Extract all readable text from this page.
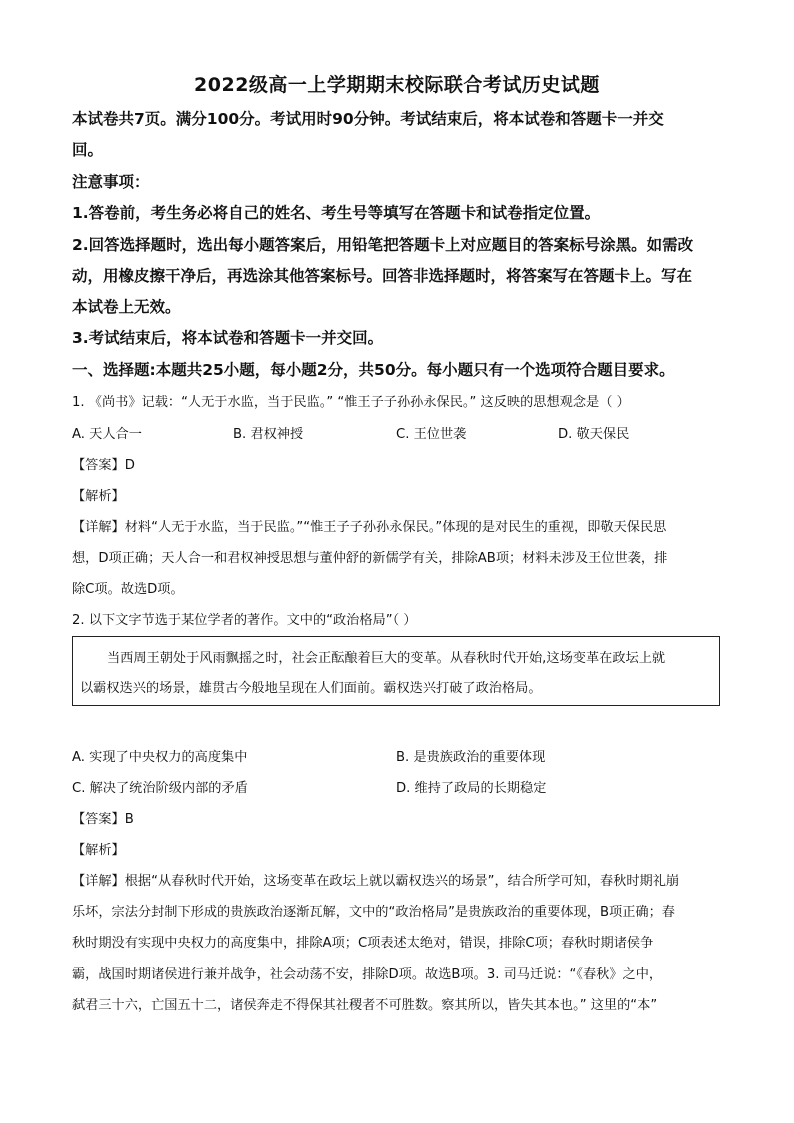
2022级高一上学期期末校际联合考试历史试题
本试卷共7页。满分100分。考试用时90分钟。考试结束后，将本试卷和答题卡一并交
回。
注意事项：
1.答卷前，考生务必将自己的姓名、考生号等填写在答题卡和试卷指定位置。
2.回答选择题时，选出每小题答案后，用铅笔把答题卡上对应题目的答案标号涂黑。如需改
动，用橡皮擦干净后，再选涂其他答案标号。回答非选择题时，将答案写在答题卡上。写在
本试卷上无效。
3.考试结束后，将本试卷和答题卡一并交回。
一、选择题:本题共25小题，每小题2分，共50分。每小题只有一个选项符合题目要求。
1. 《尚书》记载：“人无于水监，当于民监。” “惟王子子孙孙永保民。” 这反映的思想观念是（ ）
A. 天人合一	B. 君权神授	C. 王位世袭	D. 敬天保民
【答案】D
【解析】
【详解】材料“人无于水监，当于民监。”“惟王子子孙孙永保民。”体现的是对民生的重视，即敬天保民思
想，D项正确；天人合一和君权神授思想与董仲舒的新儒学有关，排除AB项；材料未涉及王位世袭，排
除C项。故选D项。
2. 以下文字节选于某位学者的著作。文中的“政治格局”（ ）
当西周王朝处于风雨飘摇之时，社会正酝酿着巨大的变革。从春秋时代开始,这场变革在政坛上就
以霸权迭兴的场景，雄贯古今般地呈现在人们面前。霸权迭兴打破了政治格局。
A. 实现了中央权力的高度集中	B. 是贵族政治的重要体现
C. 解决了统治阶级内部的矛盾	D. 维持了政局的长期稳定
【答案】B
【解析】
【详解】根据“从春秋时代开始，这场变革在政坛上就以霸权迭兴的场景”，结合所学可知，春秋时期礼崩
乐坏，宗法分封制下形成的贵族政治逐渐瓦解，文中的“政治格局”是贵族政治的重要体现，B项正确；春
秋时期没有实现中央权力的高度集中，排除A项；C项表述太绝对，错误，排除C项；春秋时期诸侯争
霸，战国时期诸侯进行兼并战争，社会动荡不安，排除D项。故选B项。3. 司马迁说：“《春秋》之中，
弑君三十六，亡国五十二，诸侯奔走不得保其社稷者不可胜数。察其所以，皆失其本也。” 这里的“本”
